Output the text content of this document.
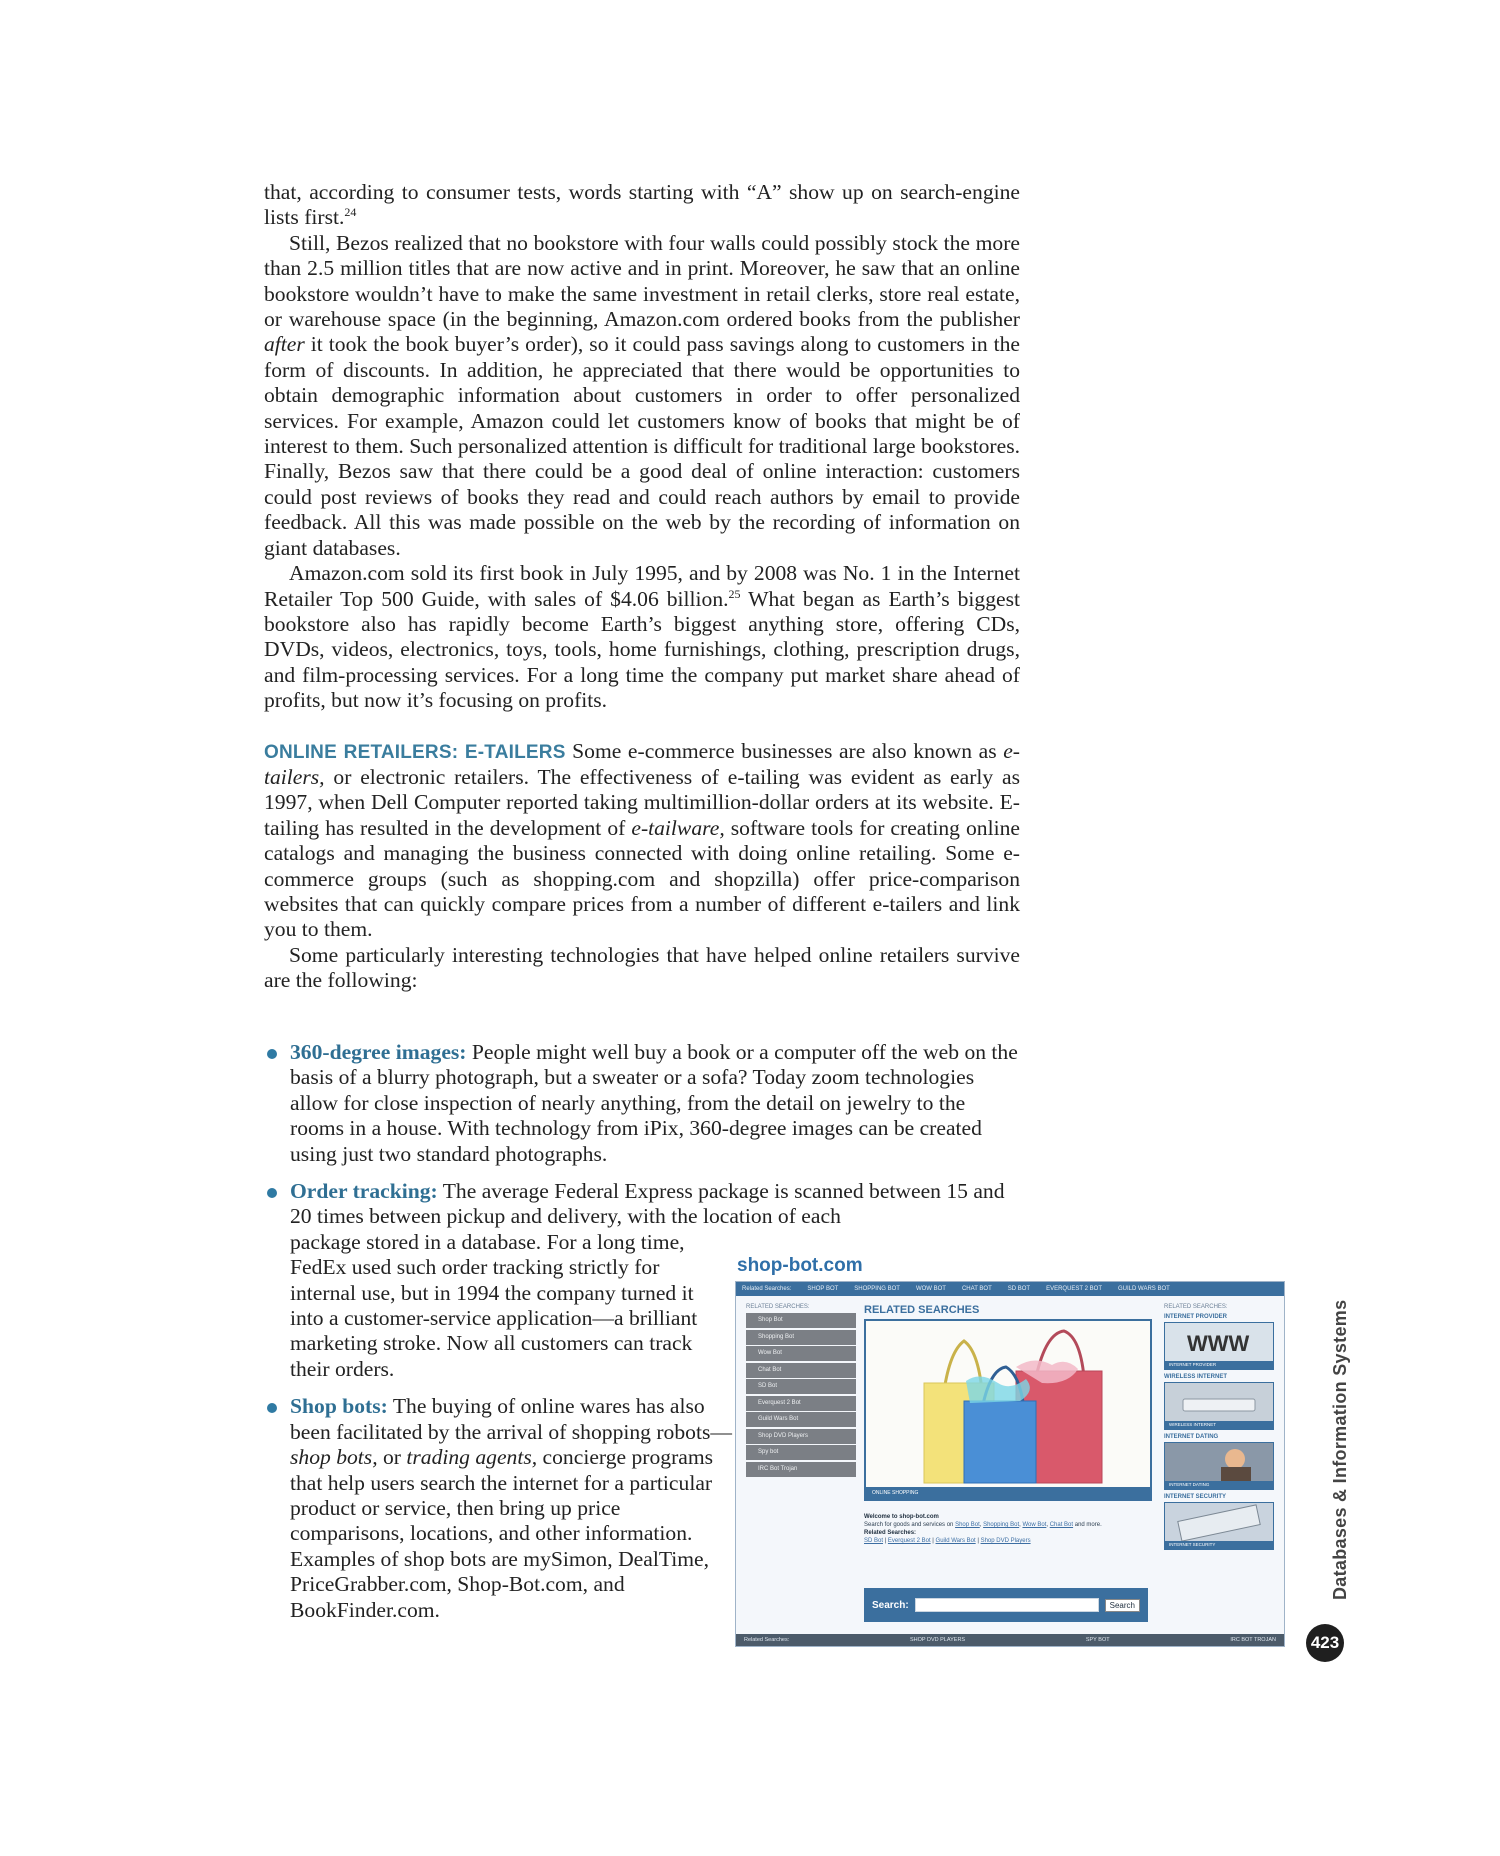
that, according to consumer tests, words starting with “A” show up on search-engine lists first.$^{24}$

Still, Bezos realized that no bookstore with four walls could possibly stock the more than 2.5 million titles that are now active and in print. Moreover, he saw that an online bookstore wouldn’t have to make the same investment in retail clerks, store real estate, or warehouse space (in the beginning, Amazon.com ordered books from the publisher after it took the book buyer’s order), so it could pass savings along to customers in the form of discounts. In addition, he appreciated that there would be opportunities to obtain demographic information about customers in order to offer personalized services. For example, Amazon could let customers know of books that might be of interest to them. Such personalized attention is difficult for traditional large bookstores. Finally, Bezos saw that there could be a good deal of online interaction: customers could post reviews of books they read and could reach authors by email to provide feedback. All this was made possible on the web by the recording of information on giant databases.

Amazon.com sold its first book in July 1995, and by 2008 was No. 1 in the Internet Retailer Top 500 Guide, with sales of $4.06 billion.$^{25}$ What began as Earth’s biggest bookstore also has rapidly become Earth’s biggest anything store, offering CDs, DVDs, videos, electronics, toys, tools, home furnishings, clothing, prescription drugs, and film-processing services. For a long time the company put market share ahead of profits, but now it’s focusing on profits.

ONLINE RETAILERS: E-TAILERS Some e-commerce businesses are also known as e-tailers, or electronic retailers. The effectiveness of e-tailing was evident as early as 1997, when Dell Computer reported taking multimillion-dollar orders at its website. E-tailing has resulted in the development of e-tailware, software tools for creating online catalogs and managing the business connected with doing online retailing. Some e-commerce groups (such as shopping.com and shopzilla) offer price-comparison websites that can quickly compare prices from a number of different e-tailers and link you to them.

Some particularly interesting technologies that have helped online retailers survive are the following:

360-degree images: People might well buy a book or a computer off the web on the basis of a blurry photograph, but a sweater or a sofa? Today zoom technologies allow for close inspection of nearly anything, from the detail on jewelry to the rooms in a house. With technology from iPix, 360-degree images can be created using just two standard photographs.
Order tracking: The average Federal Express package is scanned between 15 and 20 times between pickup and delivery, with the location of each
package stored in a database. For a long time, FedEx used such order tracking strictly for internal use, but in 1994 the company turned it into a customer-service application—a brilliant marketing stroke. Now all customers can track their orders.
Shop bots: The buying of online wares has also been facilitated by the arrival of shopping robots—shop bots, or trading agents, concierge programs that help users search the internet for a particular product or service, then bring up price comparisons, locations, and other information. Examples of shop bots are mySimon, DealTime, PriceGrabber.com, Shop-Bot.com, and BookFinder.com.
shop-bot.com
Related Searches:	SHOP BOT	SHOPPING BOT	WOW BOT	CHAT BOT	SD BOT	EVERQUEST 2 BOT	GUILD WARS BOT
RELATED SEARCHES:
Shop Bot
Shopping Bot
Wow Bot
Chat Bot
SD Bot
Everquest 2 Bot
Guild Wars Bot
Shop DVD Players
Spy bot
IRC Bot Trojan
RELATED SEARCHES
ONLINE SHOPPING
Welcome to shop-bot.com
Search for goods and services on Shop Bot, Shopping Bot, Wow Bot, Chat Bot and more.
Related Searches:
SD Bot | Everquest 2 Bot | Guild Wars Bot | Shop DVD Players
Search:	Search
RELATED SEARCHES:
INTERNET PROVIDER
WWW
INTERNET PROVIDER
WIRELESS INTERNET
WIRELESS INTERNET
INTERNET DATING
INTERNET DATING
INTERNET SECURITY
INTERNET SECURITY
Related Searches:	SHOP DVD PLAYERS	SPY BOT	IRC BOT TROJAN
Databases & Information Systems
423
